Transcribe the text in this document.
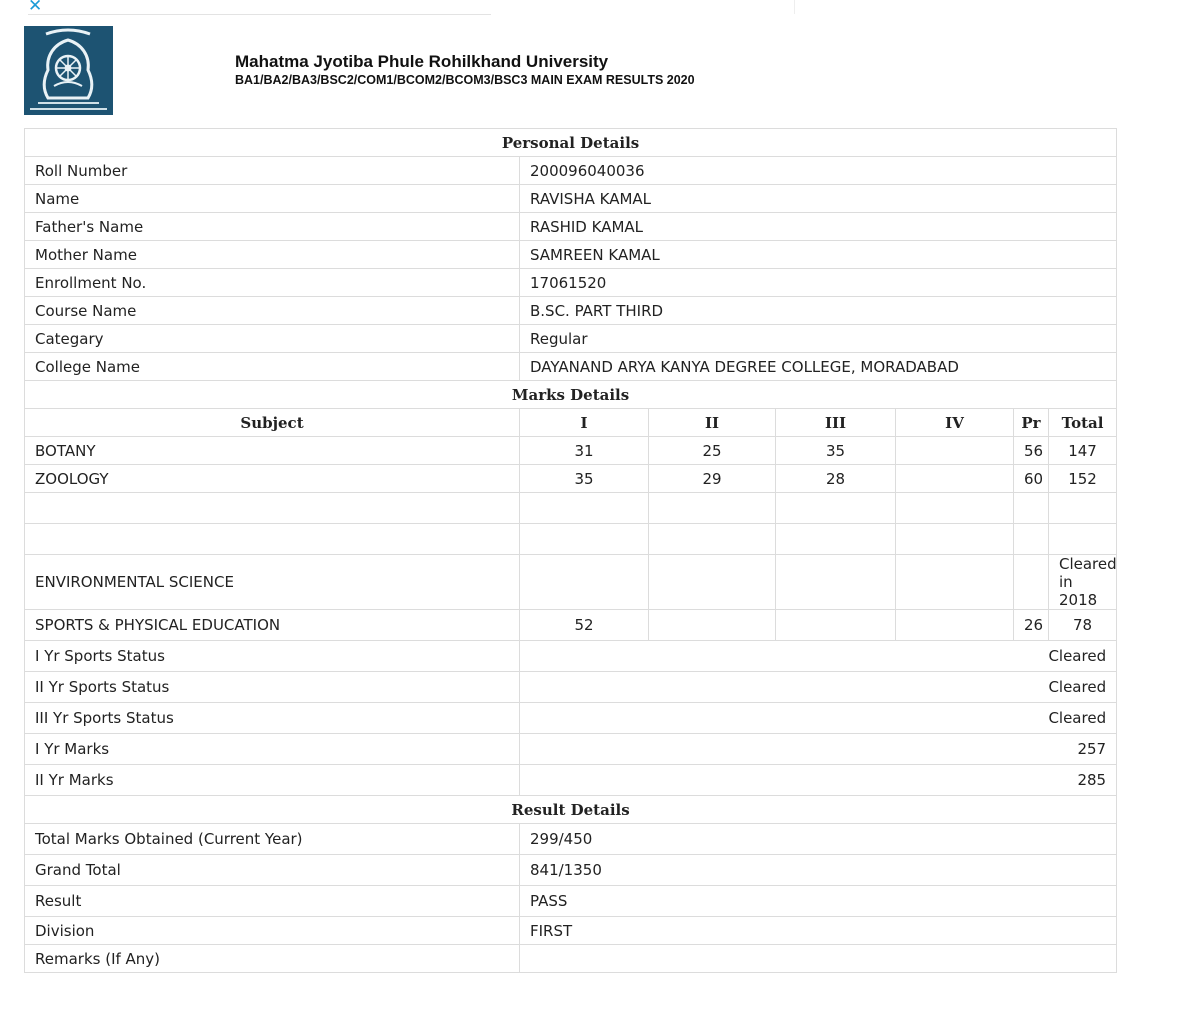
✕
Mahatma Jyotiba Phule Rohilkhand University
BA1/BA2/BA3/BSC2/COM1/BCOM2/BCOM3/BSC3 MAIN EXAM RESULTS 2020
Personal Details						
Roll Number	200096040036					
Name	RAVISHA KAMAL					
Father's Name	RASHID KAMAL					
Mother Name	SAMREEN KAMAL					
Enrollment No.	17061520					
Course Name	B.SC. PART THIRD					
Categary	Regular					
College Name	DAYANAND ARYA KANYA DEGREE COLLEGE, MORADABAD					
Marks Details						
Subject	I	II	III	IV	Pr	Total
BOTANY	31	25	35		56	147
ZOOLOGY	35	29	28		60	152

ENVIRONMENTAL SCIENCE						Cleared in 2018
SPORTS & PHYSICAL EDUCATION	52				26	78
I Yr Sports Status	Cleared					
II Yr Sports Status	Cleared					
III Yr Sports Status	Cleared					
I Yr Marks	257					
II Yr Marks	285					
Result Details						
Total Marks Obtained (Current Year)	299/450					
Grand Total	841/1350					
Result	PASS					
Division	FIRST					
Remarks (If Any)						
